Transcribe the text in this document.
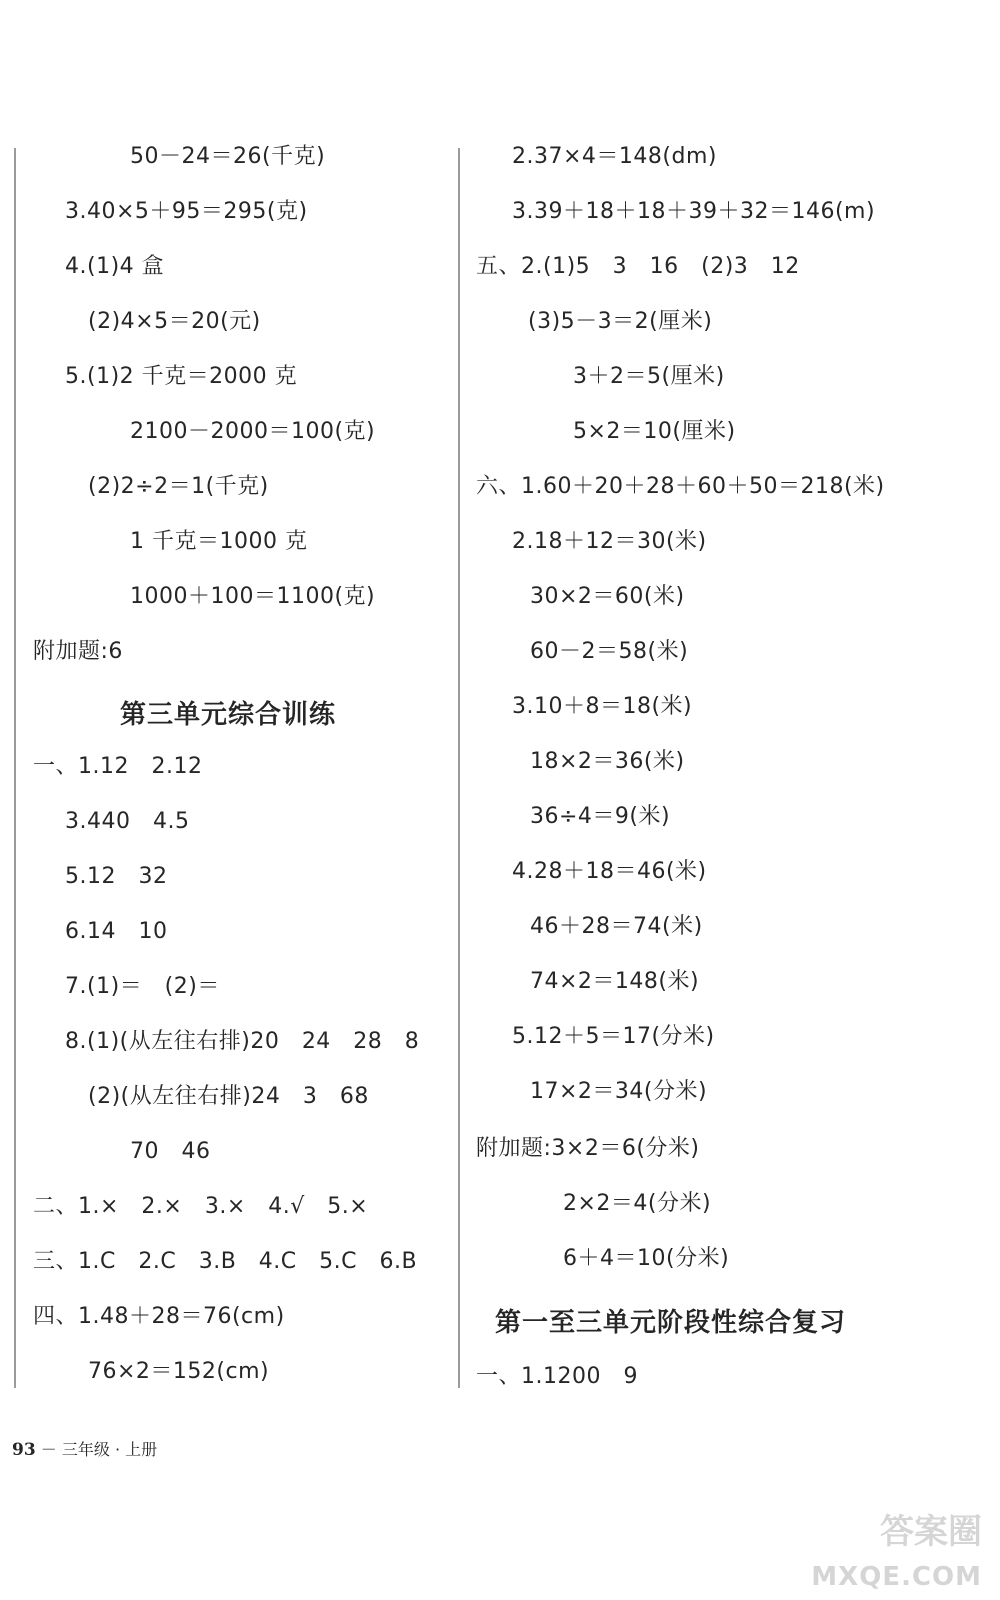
50－24＝26(千克)
3.40×5＋95＝295(克)
4.(1)4 盒
(2)4×5＝20(元)
5.(1)2 千克＝2000 克
2100－2000＝100(克)
(2)2÷2＝1(千克)
1 千克＝1000 克
1000＋100＝1100(克)
附加题:6
第三单元综合训练
一、1.12　2.12
3.440　4.5
5.12　32
6.14　10
7.(1)＝　(2)＝
8.(1)(从左往右排)20　24　28　8
(2)(从左往右排)24　3　68
70　46
二、1.×　2.×　3.×　4.√　5.×
三、1.C　2.C　3.B　4.C　5.C　6.B
四、1.48＋28＝76(cm)
76×2＝152(cm)
2.37×4＝148(dm)
3.39＋18＋18＋39＋32＝146(m)
五、2.(1)5　3　16　(2)3　12
(3)5－3＝2(厘米)
3＋2＝5(厘米)
5×2＝10(厘米)
六、1.60＋20＋28＋60＋50＝218(米)
2.18＋12＝30(米)
30×2＝60(米)
60－2＝58(米)
3.10＋8＝18(米)
18×2＝36(米)
36÷4＝9(米)
4.28＋18＝46(米)
46＋28＝74(米)
74×2＝148(米)
5.12＋5＝17(分米)
17×2＝34(分米)
附加题:3×2＝6(分米)
2×2＝4(分米)
6＋4＝10(分米)
第一至三单元阶段性综合复习
一、1.1200　9
93 － 三年级 · 上册
答案圈
MXQE.COM
